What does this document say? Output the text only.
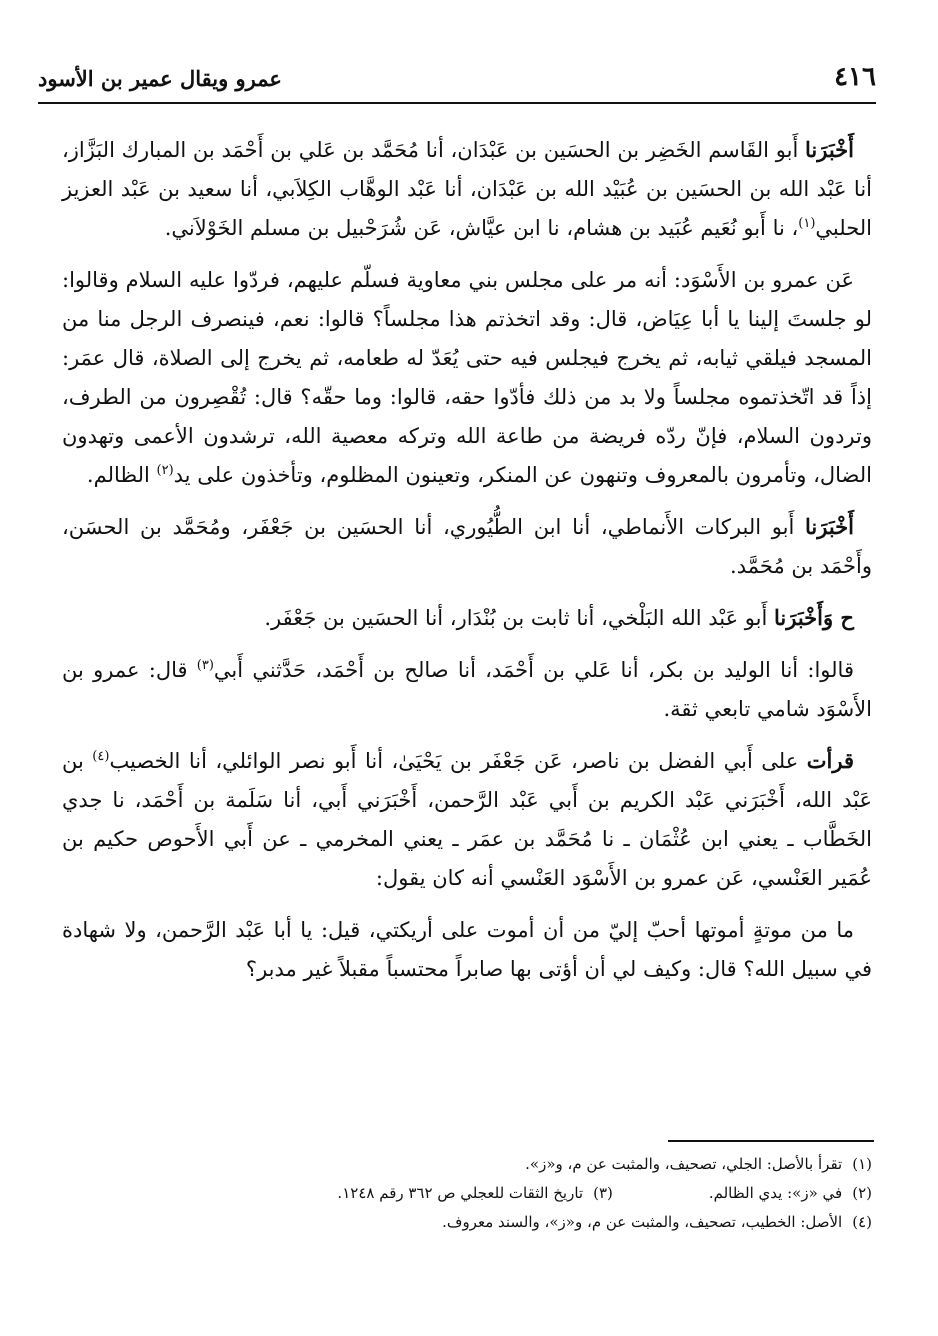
٤١٦
عمرو ويقال عمير بن الأسود

أَخْبَرَنا أَبو القَاسم الخَضِر بن الحسَين بن عَبْدَان، أنا مُحَمَّد بن عَلي بن أَحْمَد بن المبارك البَزَّاز، أنا عَبْد الله بن الحسَين بن عُبَيْد الله بن عَبْدَان، أنا عَبْد الوهَّاب الكِلاَبي، أنا سعيد بن عَبْد العزيز الحلبي$^{(١)}$، نا أَبو نُعَيم عُبَيد بن هشام، نا ابن عيَّاش، عَن شُرَحْبيل بن مسلم الخَوْلاَني.

عَن عمرو بن الأَسْوَد: أنه مر على مجلس بني معاوية فسلّم عليهم، فردّوا عليه السلام وقالوا: لو جلستَ إلينا يا أبا عِيَاض، قال: وقد اتخذتم هذا مجلساً؟ قالوا: نعم، فينصرف الرجل منا من المسجد فيلقي ثيابه، ثم يخرج فيجلس فيه حتى يُعَدّ له طعامه، ثم يخرج إلى الصلاة، قال عمَر: إذاً قد اتّخذتموه مجلساً ولا بد من ذلك فأدّوا حقه، قالوا: وما حقّه؟ قال: تُقْصِرون من الطرف، وتردون السلام، فإنّ ردّه فريضة من طاعة الله وتركه معصية الله، ترشدون الأعمى وتهدون الضال، وتأمرون بالمعروف وتنهون عن المنكر، وتعينون المظلوم، وتأخذون على يد$^{(٢)}$ الظالم.

أَخْبَرَنا أَبو البركات الأَنماطي، أنا ابن الطُّيُوري، أنا الحسَين بن جَعْفَر، ومُحَمَّد بن الحسَن، وأَحْمَد بن مُحَمَّد.

ح وَأَخْبَرَنا أَبو عَبْد الله البَلْخي، أنا ثابت بن بُنْدَار، أنا الحسَين بن جَعْفَر.

قالوا: أنا الوليد بن بكر، أنا عَلي بن أَحْمَد، أنا صالح بن أَحْمَد، حَدَّثني أَبي$^{(٣)}$ قال: عمرو بن الأَسْوَد شامي تابعي ثقة.

قرأت على أَبي الفضل بن ناصر، عَن جَعْفَر بن يَحْيَىٰ، أنا أَبو نصر الوائلي، أنا الخصيب$^{(٤)}$ بن عَبْد الله، أَخْبَرَني عَبْد الكريم بن أَبي عَبْد الرَّحمن، أَخْبَرَني أَبي، أنا سَلَمة بن أَحْمَد، نا جدي الخَطَّاب ـ يعني ابن عُثْمَان ـ نا مُحَمَّد بن عمَر ـ يعني المخرمي ـ عن أَبي الأَحوص حكيم بن عُمَير العَنْسي، عَن عمرو بن الأَسْوَد العَنْسي أنه كان يقول:

ما من موتةٍ أموتها أحبّ إليّ من أن أموت على أريكتي، قيل: يا أبا عَبْد الرَّحمن، ولا شهادة في سبيل الله؟ قال: وكيف لي أن أؤتى بها صابراً محتسباً مقبلاً غير مدبر؟

(١)تقرأ بالأصل: الجلي، تصحيف، والمثبت عن م، و«ز».
(٢)في «ز»: يدي الظالم.(٣)تاريخ الثقات للعجلي ص ٣٦٢ رقم ١٢٤٨.
(٤)الأصل: الخطيب، تصحيف، والمثبت عن م، و«ز»، والسند معروف.
